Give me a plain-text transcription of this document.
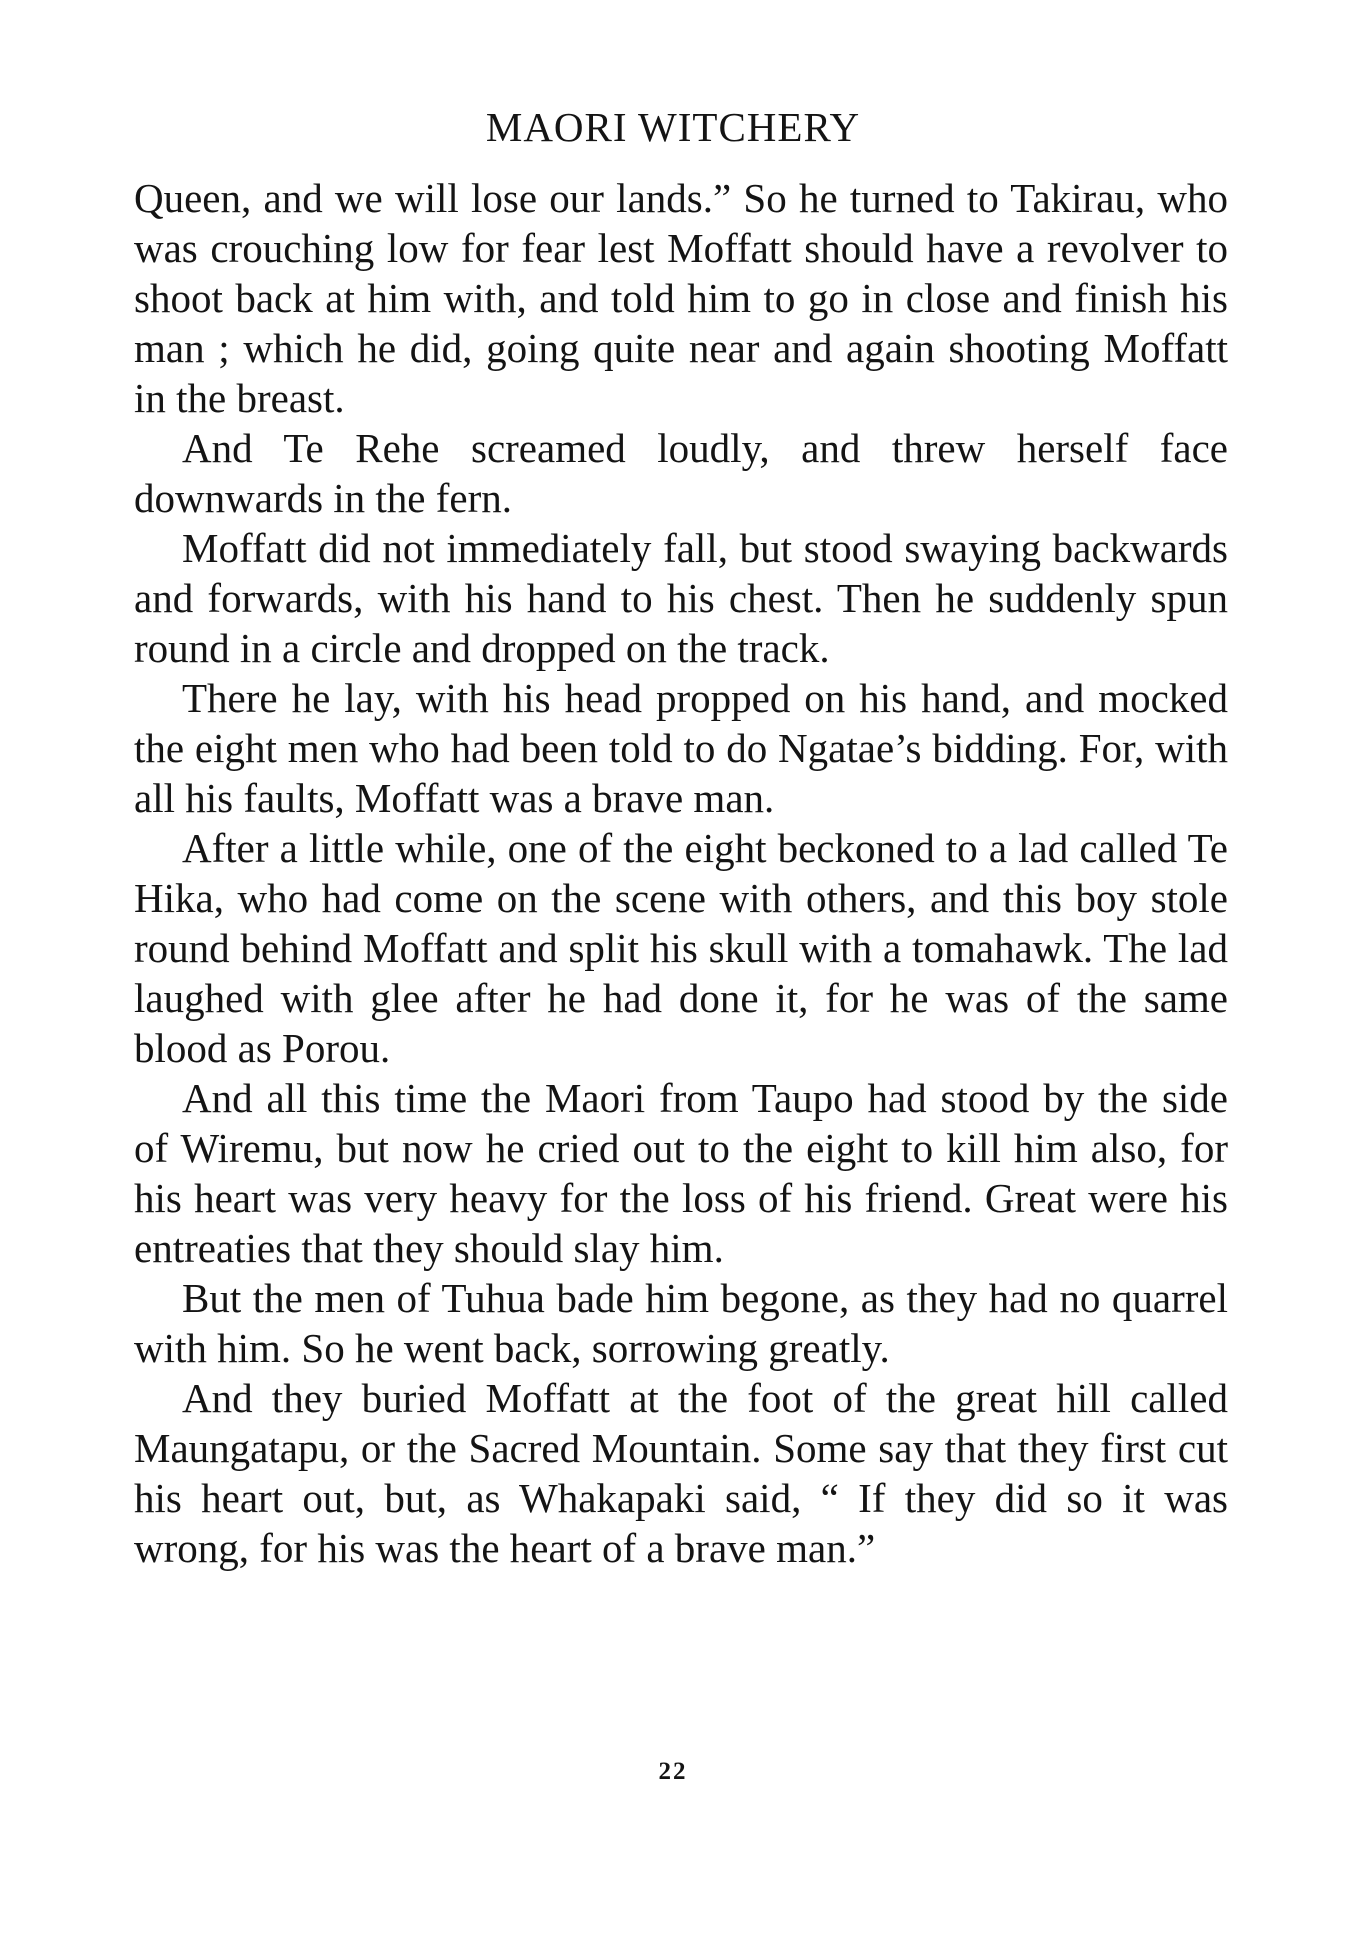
MAORI WITCHERY

Queen, and we will lose our lands.” So he turned to Takirau, who was crouching low for fear lest Moffatt should have a revolver to shoot back at him with, and told him to go in close and finish his man ; which he did, going quite near and again shooting Moffatt in the breast.

And Te Rehe screamed loudly, and threw herself face downwards in the fern.

Moffatt did not immediately fall, but stood swaying backwards and forwards, with his hand to his chest. Then he suddenly spun round in a circle and dropped on the track.

There he lay, with his head propped on his hand, and mocked the eight men who had been told to do Ngatae’s bidding. For, with all his faults, Moffatt was a brave man.

After a little while, one of the eight beckoned to a lad called Te Hika, who had come on the scene with others, and this boy stole round behind Moffatt and split his skull with a tomahawk. The lad laughed with glee after he had done it, for he was of the same blood as Porou.

And all this time the Maori from Taupo had stood by the side of Wiremu, but now he cried out to the eight to kill him also, for his heart was very heavy for the loss of his friend. Great were his entreaties that they should slay him.

But the men of Tuhua bade him begone, as they had no quarrel with him. So he went back, sorrowing greatly.

And they buried Moffatt at the foot of the great hill called Maungatapu, or the Sacred Mountain. Some say that they first cut his heart out, but, as Whakapaki said, “ If they did so it was wrong, for his was the heart of a brave man.”

22
